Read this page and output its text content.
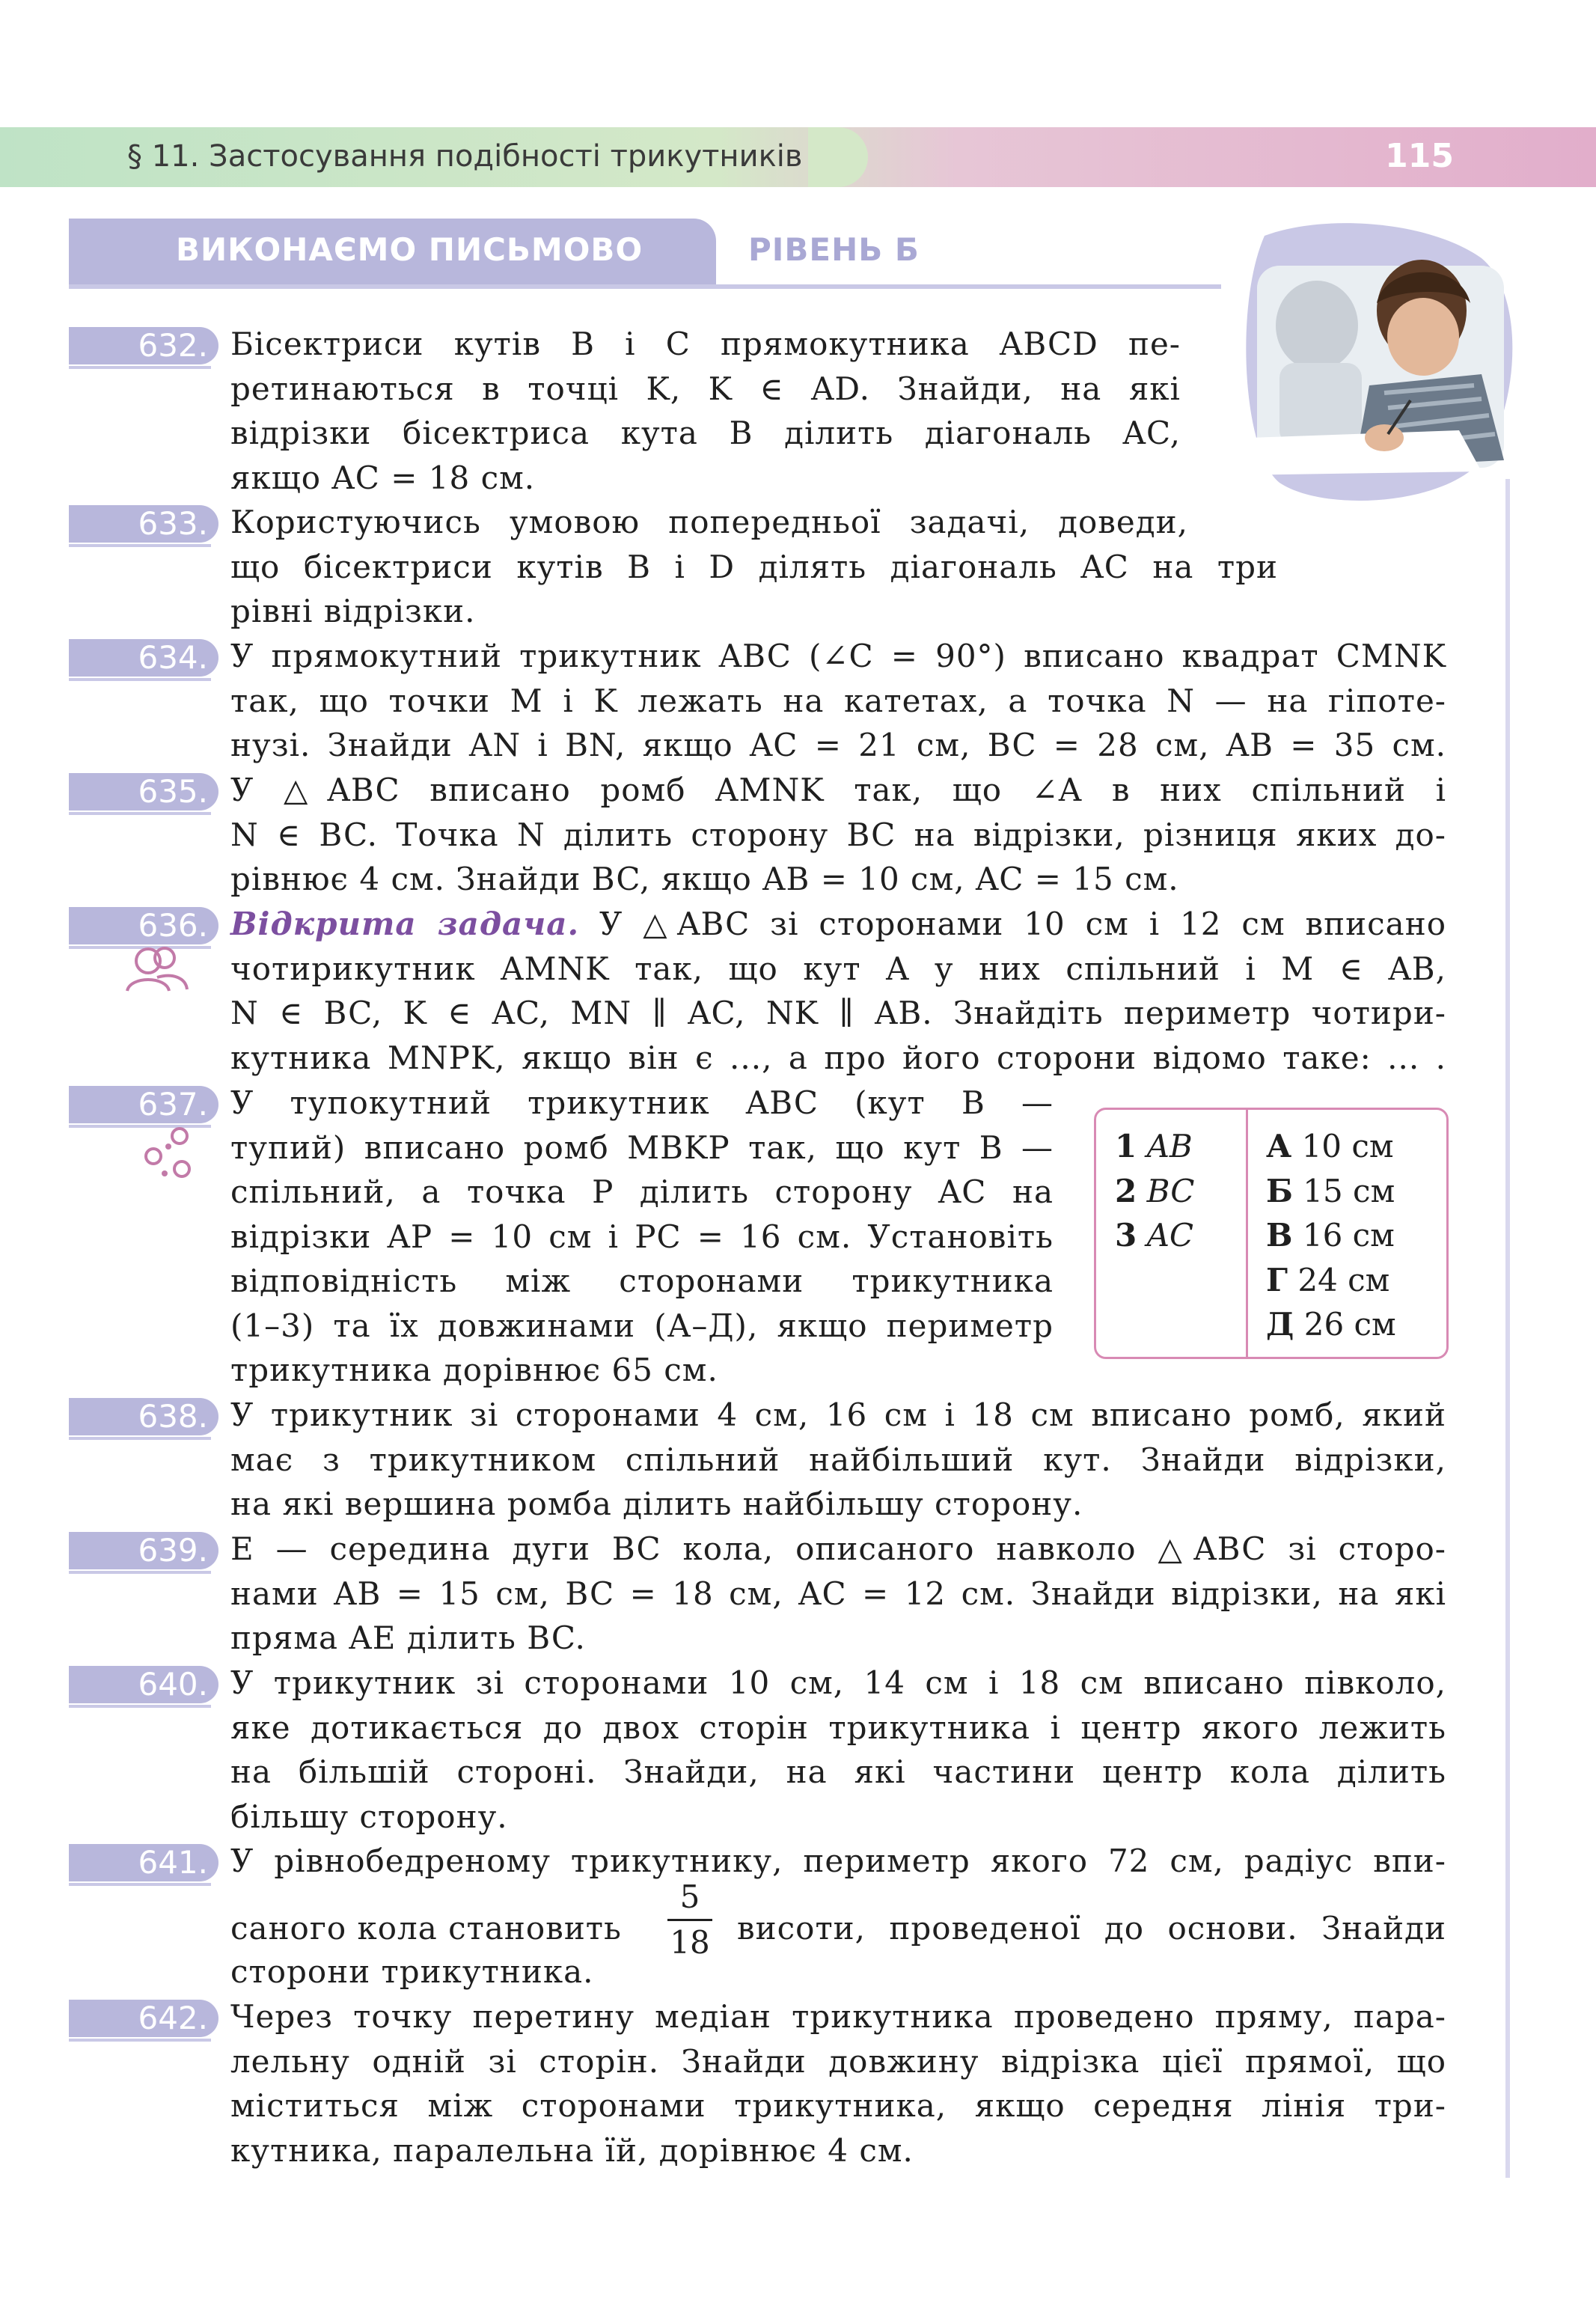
§ 11. Застосування подібності трикутників	115
ВИКОНАЄМО ПИСЬМОВО	РІВЕНЬ Б
632. Бісектриси кутів B і C прямокутника ABCD пе-
ретинаються в точці K, K ∈ AD. Знайди, на які
відрізки бісектриса кута B ділить діагональ AC,
якщо AC = 18 см.
633. Користуючись умовою попередньої задачі, доведи,
що бісектриси кутів B і D ділять діагональ AC на три
рівні відрізки.
634. У прямокутний трикутник ABC (∠C = 90°) вписано квадрат CMNK
так, що точки M і K лежать на катетах, а точка N — на гіпоте-
нузі. Знайди AN і BN, якщо AC = 21 см, BC = 28 см, AB = 35 см.
635. У △ABC вписано ромб AMNK так, що ∠A в них спільний і
N ∈ BC. Точка N ділить сторону BC на відрізки, різниця яких до-
рівнює 4 см. Знайди BC, якщо AB = 10 см, AC = 15 см.
636. Відкрита задача. У △ABC зі сторонами 10 см і 12 см вписано
чотирикутник AMNK так, що кут A у них спільний і M ∈ AB,
N ∈ BC, K ∈ AC, MN ∥ AC, NK ∥ AB. Знайдіть периметр чотири-
кутника MNPK, якщо він є ..., а про його сторони відомо таке: ... .
637. У тупокутний трикутник ABC (кут B —
тупий) вписано ромб MBKP так, що кут B —
спільний, а точка P ділить сторону AC на
відрізки AP = 10 см і PC = 16 см. Установіть
відповідність між сторонами трикутника
(1–3) та їх довжинами (А–Д), якщо периметр
трикутника дорівнює 65 см.
1 AB
2 BC
3 AC
А 10 см
Б 15 см
В 16 см
Г 24 см
Д 26 см
638. У трикутник зі сторонами 4 см, 16 см і 18 см вписано ромб, який
має з трикутником спільний найбільший кут. Знайди відрізки,
на які вершина ромба ділить найбільшу сторону.
639. E — середина дуги BC кола, описаного навколо △ABC зі сторо-
нами AB = 15 см, BC = 18 см, AC = 12 см. Знайди відрізки, на які
пряма AE ділить BC.
640. У трикутник зі сторонами 10 см, 14 см і 18 см вписано півколо,
яке дотикається до двох сторін трикутника і центр якого лежить
на більшій стороні. Знайди, на які частини центр кола ділить
більшу сторону.
641. У рівнобедреному трикутнику, периметр якого 72 см, радіус впи-
саного кола становить
5
18 висоти, проведеної до основи. Знайди
сторони трикутника.
642. Через точку перетину медіан трикутника проведено пряму, пара-
лельну одній зі сторін. Знайди довжину відрізка цієї прямої, що
міститься між сторонами трикутника, якщо середня лінія три-
кутника, паралельна їй, дорівнює 4 см.
